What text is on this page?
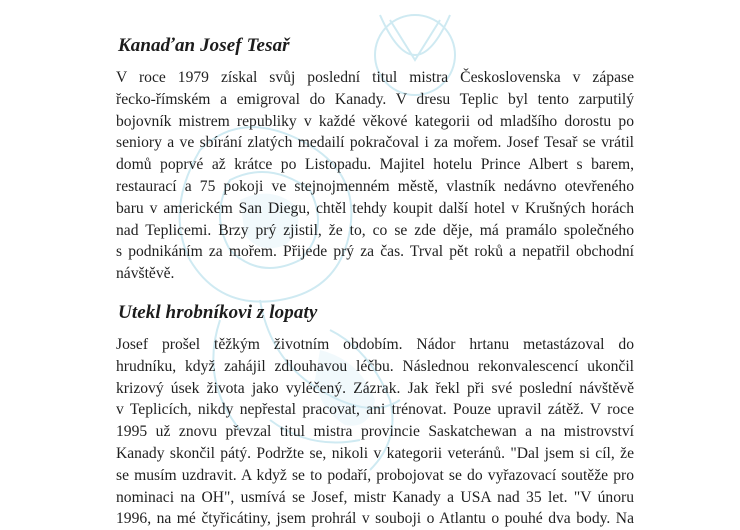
Kanaďan Josef Tesař

V roce 1979 získal svůj poslední titul mistra Československa v zápase
řecko-římském a emigroval do Kanady. V dresu Teplic byl tento zarputilý
bojovník mistrem republiky v každé věkové kategorii od mladšího dorostu po
seniory a ve sbírání zlatých medailí pokračoval i za mořem. Josef Tesař se vrátil
domů poprvé až krátce po Listopadu. Majitel hotelu Prince Albert s barem,
restaurací a 75 pokoji ve stejnojmenném městě, vlastník nedávno otevřeného
baru v americkém San Diegu, chtěl tehdy koupit další hotel v Krušných horách
nad Teplicemi. Brzy prý zjistil, že to, co se zde děje, má pramálo společného
s podnikáním za mořem. Přijede prý za čas. Trval pět roků a nepatřil obchodní
návštěvě.

Utekl hrobníkovi z lopaty

Josef prošel těžkým životním obdobím. Nádor hrtanu metastázoval do
hrudníku, když zahájil zdlouhavou léčbu. Následnou rekonvalescencí ukončil
krizový úsek života jako vyléčený. Zázrak. Jak řekl při své poslední návštěvě
v Teplicích, nikdy nepřestal pracovat, ani trénovat. Pouze upravil zátěž. V roce
1995 už znovu převzal titul mistra provincie Saskatchewan a na mistrovství
Kanady skončil pátý. Podržte se, nikoli v kategorii veteránů. "Dal jsem si cíl, že
se musím uzdravit. A když se to podaří, probojovat se do vyřazovací soutěže pro
nominaci na OH", usmívá se Josef, mistr Kanady a USA nad 35 let. "V únoru
1996, na mé čtyřicátiny, jsem prohrál v souboji o Atlantu o pouhé dva body. Na
